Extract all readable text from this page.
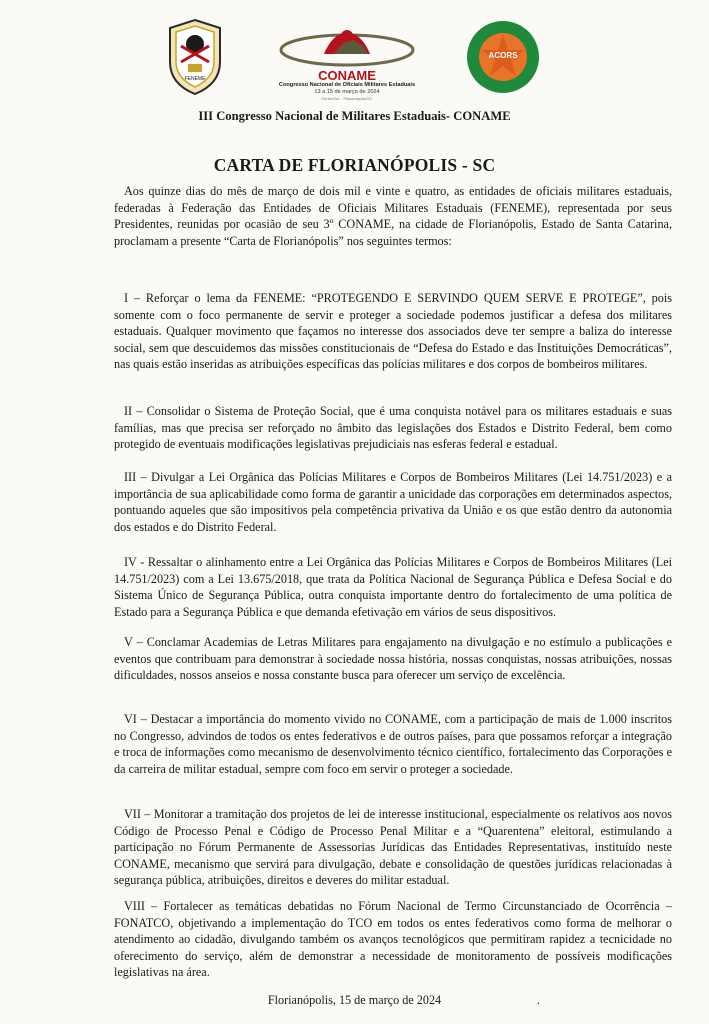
FENEME	CONAME
Congresso Nacional de Oficiais Militares Estaduais
13 a 15 de março de 2024
CentroSul – Florianópolis/SC
ACORS
III Congresso Nacional de Militares Estaduais- CONAME
CARTA DE FLORIANÓPOLIS - SC

Aos quinze dias do mês de março de dois mil e vinte e quatro, as entidades de oficiais militares estaduais, federadas à Federação das Entidades de Oficiais Militares Estaduais (FENEME), representada por seus Presidentes, reunidas por ocasião de seu 3º CONAME, na cidade de Florianópolis, Estado de Santa Catarina, proclamam a presente “Carta de Florianópolis” nos seguintes termos:

I – Reforçar o lema da FENEME: “PROTEGENDO E SERVINDO QUEM SERVE E PROTEGE”, pois somente com o foco permanente de servir e proteger a sociedade podemos justificar a defesa dos militares estaduais. Qualquer movimento que façamos no interesse dos associados deve ter sempre a baliza do interesse social, sem que descuidemos das missões constitucionais de “Defesa do Estado e das Instituições Democráticas”, nas quais estão inseridas as atribuições específicas das polícias militares e dos corpos de bombeiros militares.

II – Consolidar o Sistema de Proteção Social, que é uma conquista notável para os militares estaduais e suas famílias, mas que precisa ser reforçado no âmbito das legislações dos Estados e Distrito Federal, bem como protegido de eventuais modificações legislativas prejudiciais nas esferas federal e estadual.

III – Divulgar a Lei Orgânica das Polícias Militares e Corpos de Bombeiros Militares (Lei 14.751/2023) e a importância de sua aplicabilidade como forma de garantir a unicidade das corporações em determinados aspectos, pontuando aqueles que são impositivos pela competência privativa da União e os que estão dentro da autonomia dos estados e do Distrito Federal.

IV - Ressaltar o alinhamento entre a Lei Orgânica das Polícias Militares e Corpos de Bombeiros Militares (Lei 14.751/2023) com a Lei 13.675/2018, que trata da Política Nacional de Segurança Pública e Defesa Social e do Sistema Único de Segurança Pública, outra conquista importante dentro do fortalecimento de uma política de Estado para a Segurança Pública e que demanda efetivação em vários de seus dispositivos.

V – Conclamar Academias de Letras Militares para engajamento na divulgação e no estímulo a publicações e eventos que contribuam para demonstrar à sociedade nossa história, nossas conquistas, nossas atribuições, nossas dificuldades, nossos anseios e nossa constante busca para oferecer um serviço de excelência.

VI – Destacar a importância do momento vivido no CONAME, com a participação de mais de 1.000 inscritos no Congresso, advindos de todos os entes federativos e de outros países, para que possamos reforçar a integração e troca de informações como mecanismo de desenvolvimento técnico científico, fortalecimento das Corporações e da carreira de militar estadual, sempre com foco em servir o proteger a sociedade.

VII – Monitorar a tramitação dos projetos de lei de interesse institucional, especialmente os relativos aos novos Código de Processo Penal e Código de Processo Penal Militar e a “Quarentena” eleitoral, estimulando a participação no Fórum Permanente de Assessorias Jurídicas das Entidades Representativas, instituído neste CONAME, mecanismo que servirá para divulgação, debate e consolidação de questões jurídicas relacionadas à segurança pública, atribuições, direitos e deveres do militar estadual.

VIII – Fortalecer as temáticas debatidas no Fórum Nacional de Termo Circunstanciado de Ocorrência – FONATCO, objetivando a implementação do TCO em todos os entes federativos como forma de melhorar o atendimento ao cidadão, divulgando também os avanços tecnológicos que permitiram rapidez a tecnicidade no oferecimento do serviço, além de demonstrar a necessidade de monitoramento de possíveis modificações legislativas na área.

Florianópolis, 15 de março de 2024	.
